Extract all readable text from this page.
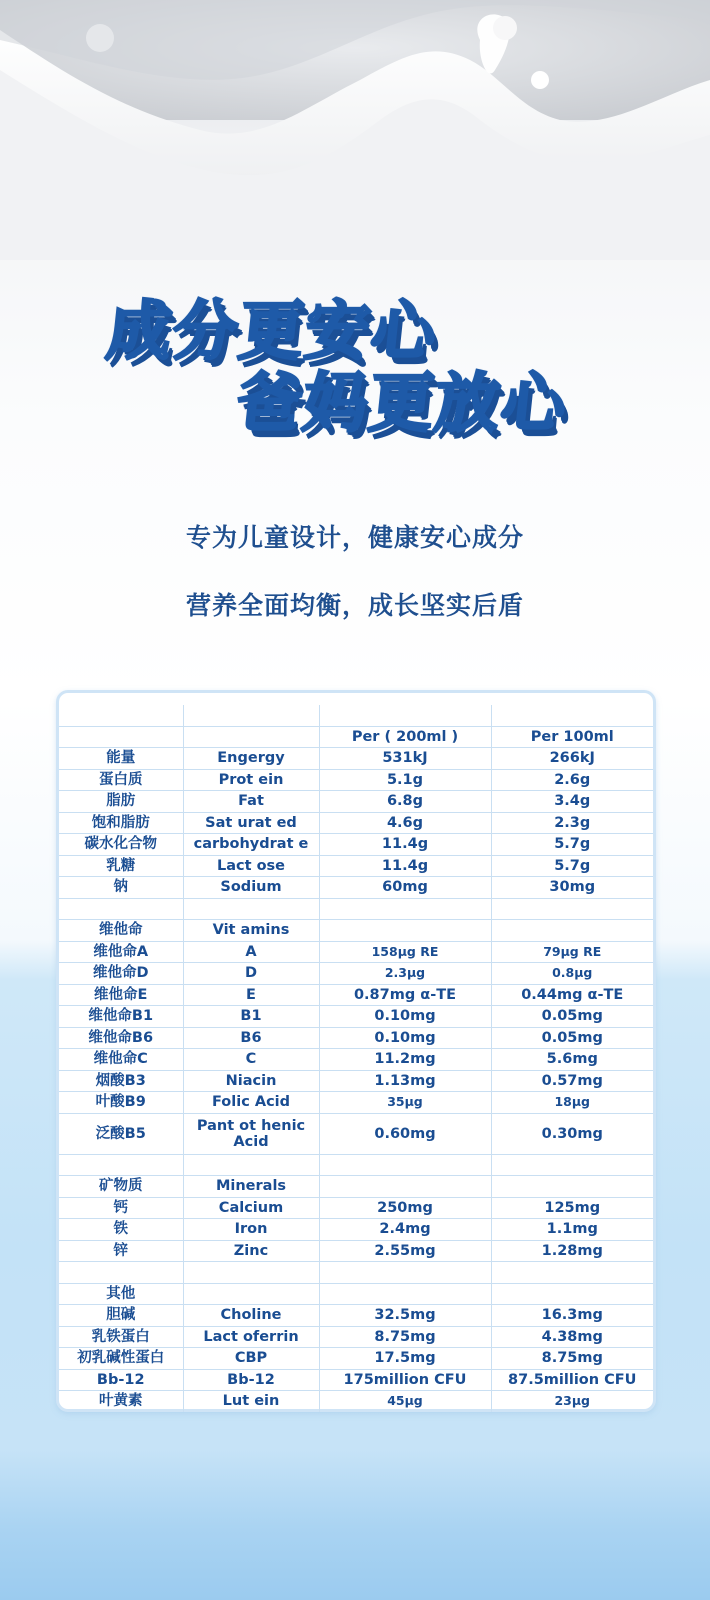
成分更安心
爸妈更放心
专为儿童设计，健康安心成分
营养全面均衡，成长坚实后盾

		Per ( 200ml )	Per 100ml
能量	Engergy	531kJ	266kJ
蛋白质	Prot ein	5.1g	2.6g
脂肪	Fat	6.8g	3.4g
饱和脂肪	Sat urat ed	4.6g	2.3g
碳水化合物	carbohydrat e	11.4g	5.7g
乳糖	Lact ose	11.4g	5.7g
钠	Sodium	60mg	30mg

维他命	Vit amins		
维他命A	A	158μg RE	79μg RE
维他命D	D	2.3μg	0.8μg
维他命E	E	0.87mg α-TE	0.44mg α-TE
维他命B1	B1	0.10mg	0.05mg
维他命B6	B6	0.10mg	0.05mg
维他命C	C	11.2mg	5.6mg
烟酸B3	Niacin	1.13mg	0.57mg
叶酸B9	Folic Acid	35μg	18μg
泛酸B5	Pant ot henic Acid	0.60mg	0.30mg

矿物质	Minerals		
钙	Calcium	250mg	125mg
铁	Iron	2.4mg	1.1mg
锌	Zinc	2.55mg	1.28mg

其他			
胆碱	Choline	32.5mg	16.3mg
乳铁蛋白	Lact oferrin	8.75mg	4.38mg
初乳碱性蛋白	CBP	17.5mg	8.75mg
Bb-12	Bb-12	175million CFU	87.5million CFU
叶黄素	Lut ein	45μg	23μg
